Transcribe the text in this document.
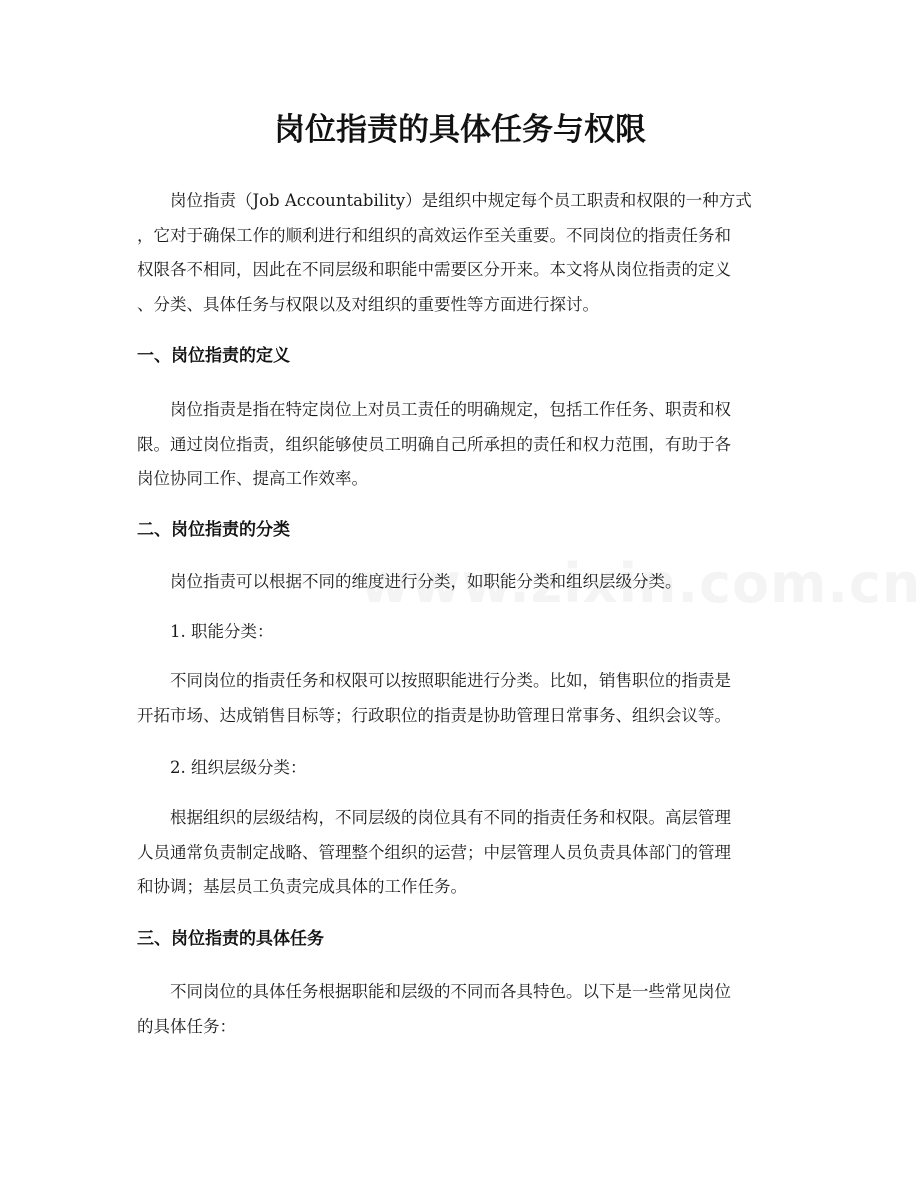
岗位指责的具体任务与权限
岗位指责（Job Accountability）是组织中规定每个员工职责和权限的一种方式
，它对于确保工作的顺利进行和组织的高效运作至关重要。不同岗位的指责任务和
权限各不相同，因此在不同层级和职能中需要区分开来。本文将从岗位指责的定义
、分类、具体任务与权限以及对组织的重要性等方面进行探讨。
一、岗位指责的定义
岗位指责是指在特定岗位上对员工责任的明确规定，包括工作任务、职责和权
限。通过岗位指责，组织能够使员工明确自己所承担的责任和权力范围，有助于各
岗位协同工作、提高工作效率。
二、岗位指责的分类
岗位指责可以根据不同的维度进行分类，如职能分类和组织层级分类。

1. 职能分类：

不同岗位的指责任务和权限可以按照职能进行分类。比如，销售职位的指责是
开拓市场、达成销售目标等；行政职位的指责是协助管理日常事务、组织会议等。

2. 组织层级分类：

根据组织的层级结构，不同层级的岗位具有不同的指责任务和权限。高层管理
人员通常负责制定战略、管理整个组织的运营；中层管理人员负责具体部门的管理
和协调；基层员工负责完成具体的工作任务。
三、岗位指责的具体任务
不同岗位的具体任务根据职能和层级的不同而各具特色。以下是一些常见岗位
的具体任务：
